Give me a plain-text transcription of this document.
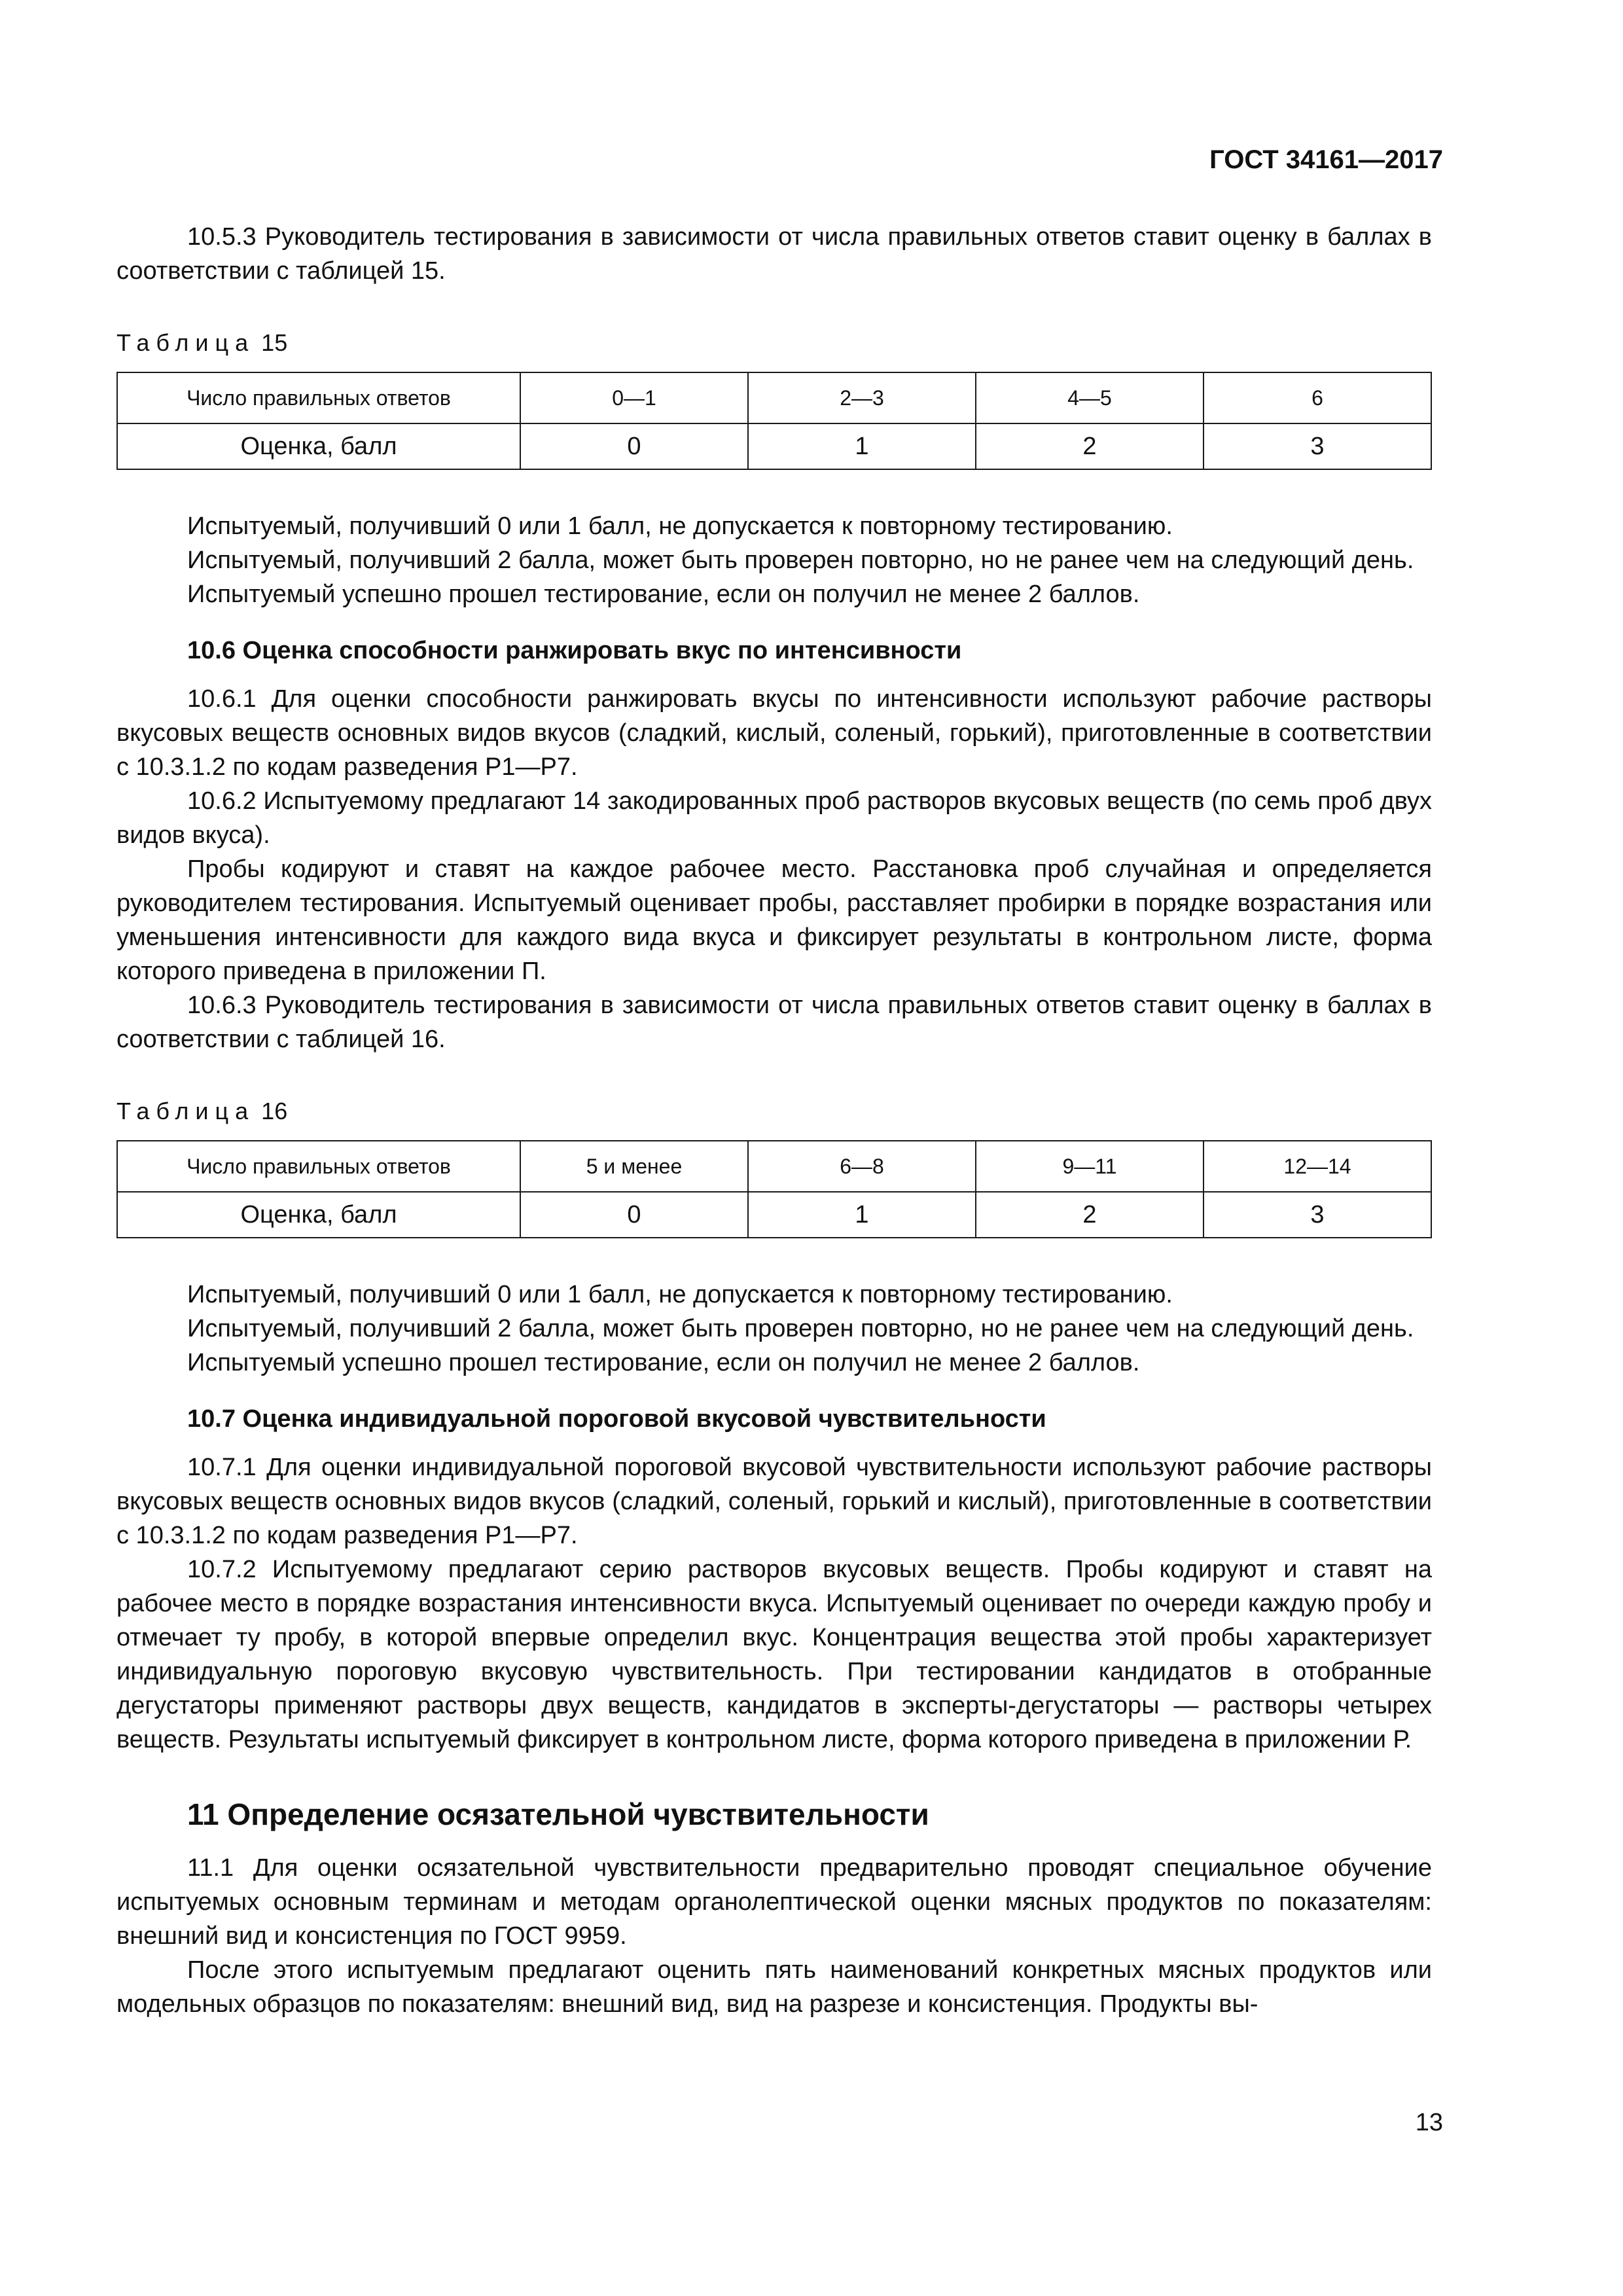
ГОСТ 34161—2017

10.5.3 Руководитель тестирования в зависимости от числа правильных ответов ставит оценку в баллах в соответствии с таблицей 15.

Таблица 15
Число правильных ответов	0—1	2—3	4—5	6
Оценка, балл	0	1	2	3

Испытуемый, получивший 0 или 1 балл, не допускается к повторному тестированию.

Испытуемый, получивший 2 балла, может быть проверен повторно, но не ранее чем на следующий день.

Испытуемый успешно прошел тестирование, если он получил не менее 2 баллов.

10.6 Оценка способности ранжировать вкус по интенсивности

10.6.1 Для оценки способности ранжировать вкусы по интенсивности используют рабочие растворы вкусовых веществ основных видов вкусов (сладкий, кислый, соленый, горький), приготовленные в соответствии с 10.3.1.2 по кодам разведения Р1—Р7.

10.6.2 Испытуемому предлагают 14 закодированных проб растворов вкусовых веществ (по семь проб двух видов вкуса).

Пробы кодируют и ставят на каждое рабочее место. Расстановка проб случайная и определяется руководителем тестирования. Испытуемый оценивает пробы, расставляет пробирки в порядке возрастания или уменьшения интенсивности для каждого вида вкуса и фиксирует результаты в контрольном листе, форма которого приведена в приложении П.

10.6.3 Руководитель тестирования в зависимости от числа правильных ответов ставит оценку в баллах в соответствии с таблицей 16.

Таблица 16
Число правильных ответов	5 и менее	6—8	9—11	12—14
Оценка, балл	0	1	2	3

Испытуемый, получивший 0 или 1 балл, не допускается к повторному тестированию.

Испытуемый, получивший 2 балла, может быть проверен повторно, но не ранее чем на следующий день.

Испытуемый успешно прошел тестирование, если он получил не менее 2 баллов.

10.7 Оценка индивидуальной пороговой вкусовой чувствительности

10.7.1 Для оценки индивидуальной пороговой вкусовой чувствительности используют рабочие растворы вкусовых веществ основных видов вкусов (сладкий, соленый, горький и кислый), приготовленные в соответствии с 10.3.1.2 по кодам разведения Р1—Р7.

10.7.2 Испытуемому предлагают серию растворов вкусовых веществ. Пробы кодируют и ставят на рабочее место в порядке возрастания интенсивности вкуса. Испытуемый оценивает по очереди каждую пробу и отмечает ту пробу, в которой впервые определил вкус. Концентрация вещества этой пробы характеризует индивидуальную пороговую вкусовую чувствительность. При тестировании кандидатов в отобранные дегустаторы применяют растворы двух веществ, кандидатов в эксперты-дегустаторы — растворы четырех веществ. Результаты испытуемый фиксирует в контрольном листе, форма которого приведена в приложении Р.

11 Определение осязательной чувствительности

11.1 Для оценки осязательной чувствительности предварительно проводят специальное обучение испытуемых основным терминам и методам органолептической оценки мясных продуктов по показателям: внешний вид и консистенция по ГОСТ 9959.

После этого испытуемым предлагают оценить пять наименований конкретных мясных продуктов или модельных образцов по показателям: внешний вид, вид на разрезе и консистенция. Продукты вы-

13
